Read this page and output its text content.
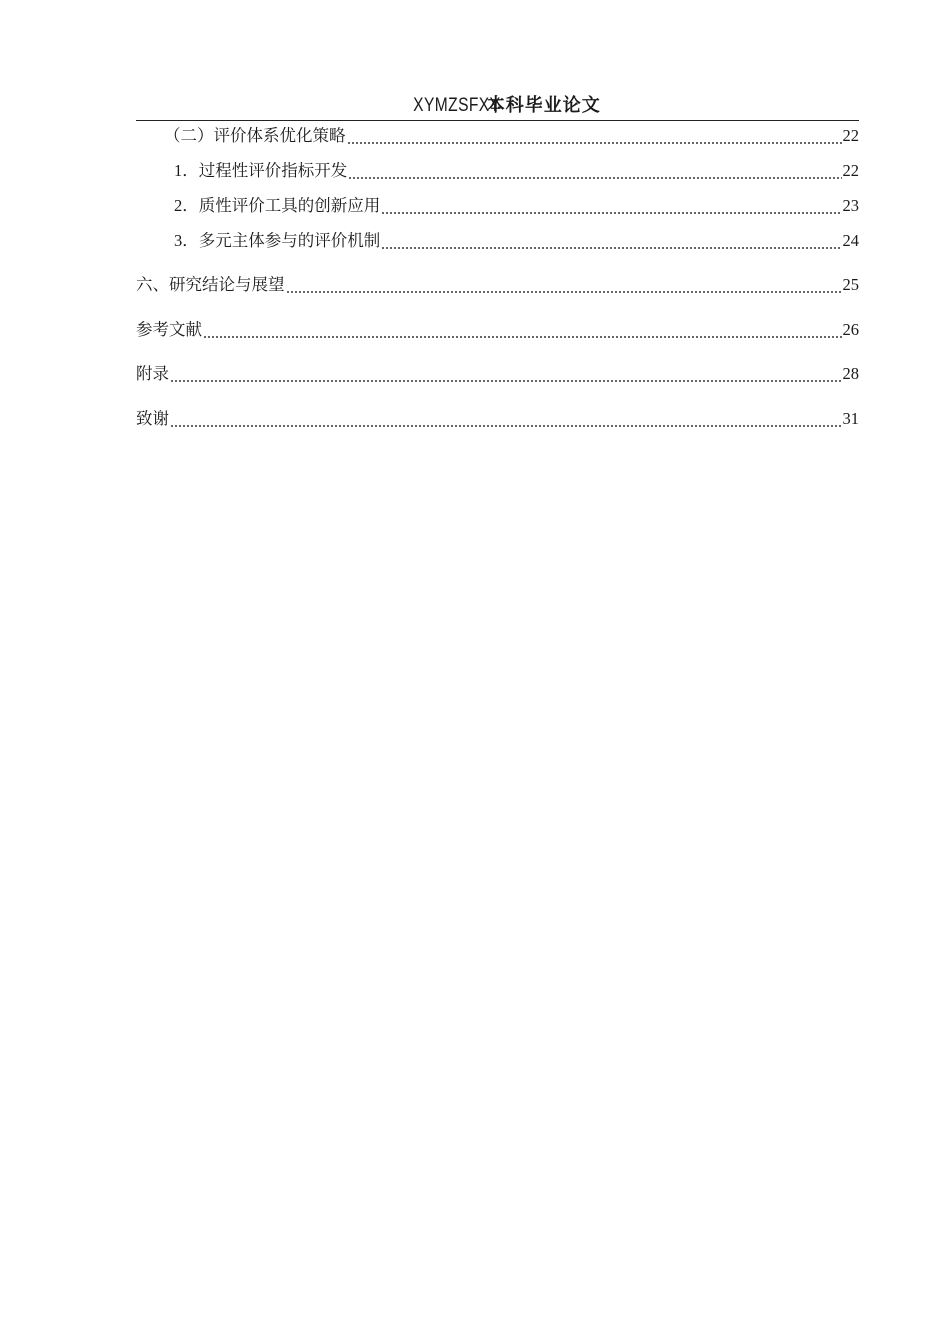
XYMZSFXY本科毕业论文
（二）评价体系优化策略	22
1．过程性评价指标开发	22
2．质性评价工具的创新应用	23
3．多元主体参与的评价机制	24
六、研究结论与展望	25
参考文献	26
附录	28
致谢	31
